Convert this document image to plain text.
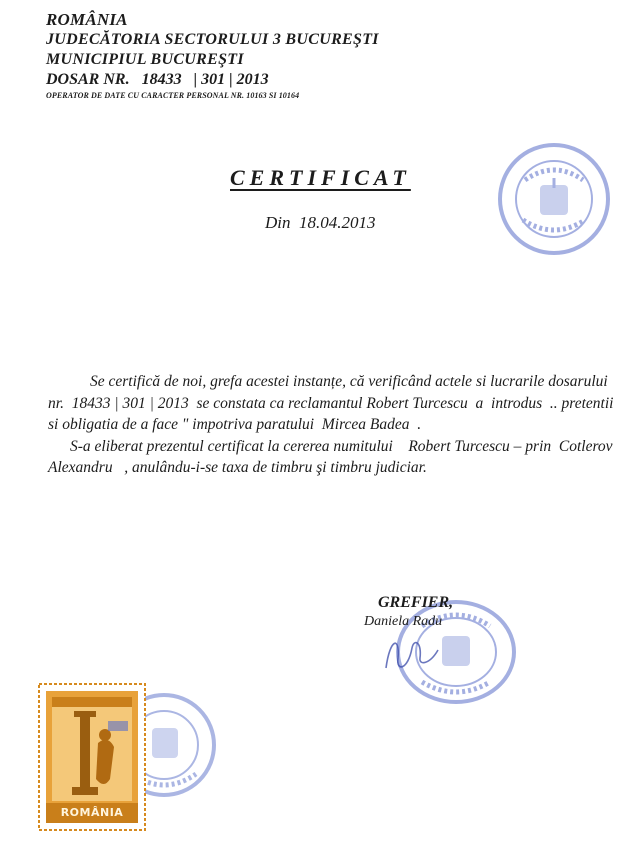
ROMÂNIA
JUDECĂTORIA SECTORULUI 3 BUCUREŞTI
MUNICIPIUL BUCUREŞTI
DOSAR NR. 18433   | 301 | 2013
OPERATOR DE DATE CU CARACTER PERSONAL NR. 10163 SI 10164
CERTIFICAT
Din  18.04.2013
Se certifică de noi, grefa acestei instanțe, că verificând actele si lucrarile dosarului nr.  18433 | 301 | 2013  se constata ca reclamantul Robert Turcescu  a  introdus  .. pretentii si obligatia de a face " impotriva paratului  Mircea Badea  .
S-a eliberat prezentul certificat la cererea numitului    Robert Turcescu – prin  Cotlerov Alexandru   , anulându-i-se taxa de timbru şi timbru judiciar.
GREFIER,
Daniela Radu
ROMÂNIA
